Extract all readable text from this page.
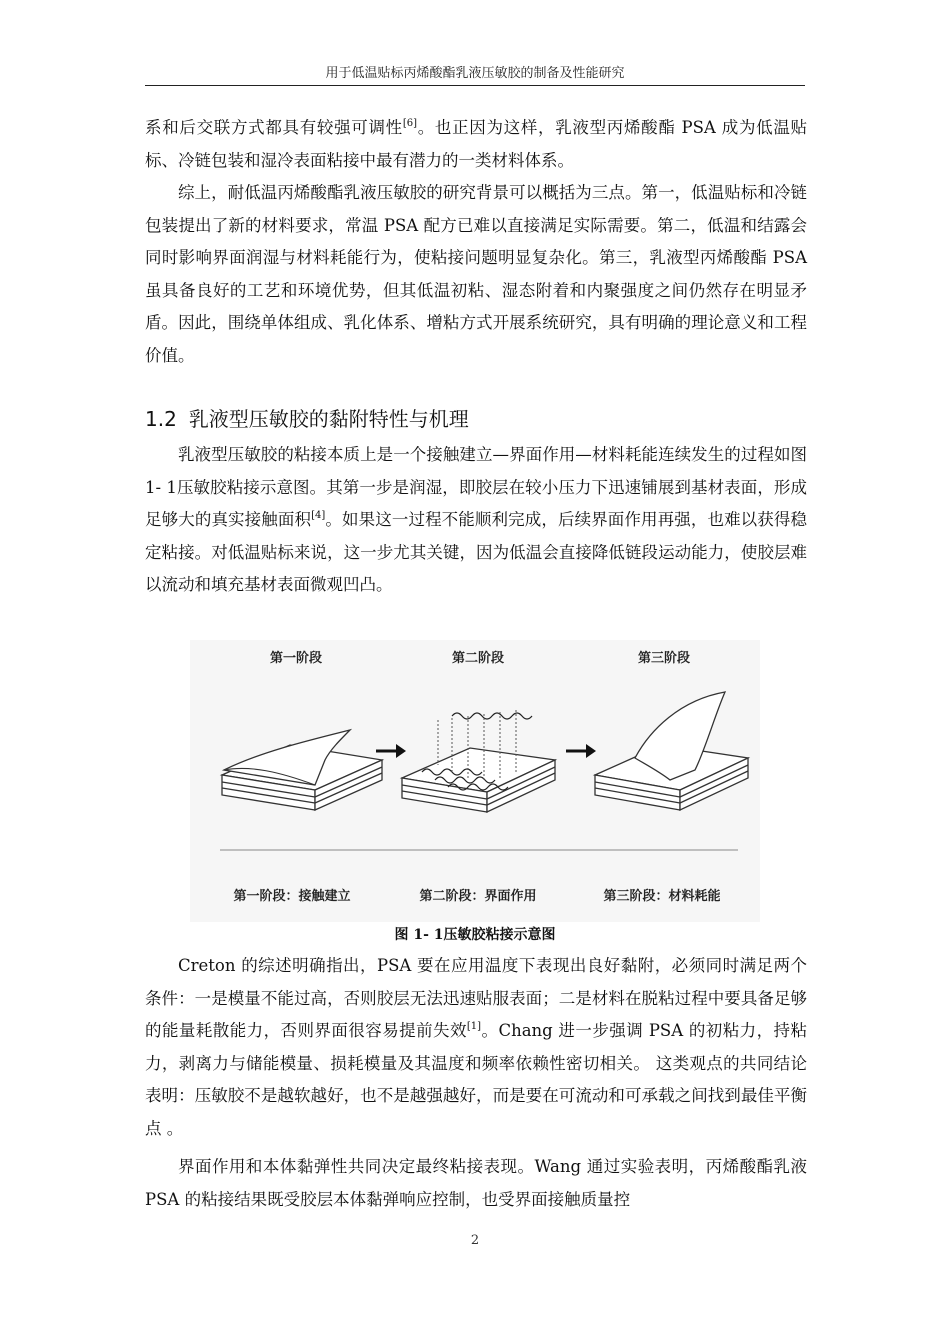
用于低温贴标丙烯酸酯乳液压敏胶的制备及性能研究

系和后交联方式都具有较强可调性[6]。也正因为这样，乳液型丙烯酸酯 PSA 成为低温贴标、冷链包装和湿冷表面粘接中最有潜力的一类材料体系。

综上，耐低温丙烯酸酯乳液压敏胶的研究背景可以概括为三点。第一，低温贴标和冷链包装提出了新的材料要求，常温 PSA 配方已难以直接满足实际需要。第二，低温和结露会同时影响界面润湿与材料耗能行为，使粘接问题明显复杂化。第三，乳液型丙烯酸酯 PSA 虽具备良好的工艺和环境优势，但其低温初粘、湿态附着和内聚强度之间仍然存在明显矛盾。因此，围绕单体组成、乳化体系、增粘方式开展系统研究，具有明确的理论意义和工程价值。

1.2 乳液型压敏胶的黏附特性与机理

乳液型压敏胶的粘接本质上是一个接触建立—界面作用—材料耗能连续发生的过程如图1- 1压敏胶粘接示意图。其第一步是润湿，即胶层在较小压力下迅速铺展到基材表面，形成足够大的真实接触面积[4]。如果这一过程不能顺利完成，后续界面作用再强，也难以获得稳定粘接。对低温贴标来说，这一步尤其关键，因为低温会直接降低链段运动能力，使胶层难以流动和填充基材表面微观凹凸。

第一阶段	第二阶段	第三阶段
第一阶段：接触建立	第二阶段：界面作用	第三阶段：材料耗能
图 1- 1压敏胶粘接示意图

Creton 的综述明确指出，PSA 要在应用温度下表现出良好黏附，必须同时满足两个条件：一是模量不能过高，否则胶层无法迅速贴服表面；二是材料在脱粘过程中要具备足够的能量耗散能力，否则界面很容易提前失效[1]。Chang 进一步强调 PSA 的初粘力，持粘力，剥离力与储能模量、损耗模量及其温度和频率依赖性密切相关。 这类观点的共同结论表明：压敏胶不是越软越好，也不是越强越好，而是要在可流动和可承载之间找到最佳平衡点 。

界面作用和本体黏弹性共同决定最终粘接表现。Wang 通过实验表明，丙烯酸酯乳液 PSA 的粘接结果既受胶层本体黏弹响应控制，也受界面接触质量控

2
